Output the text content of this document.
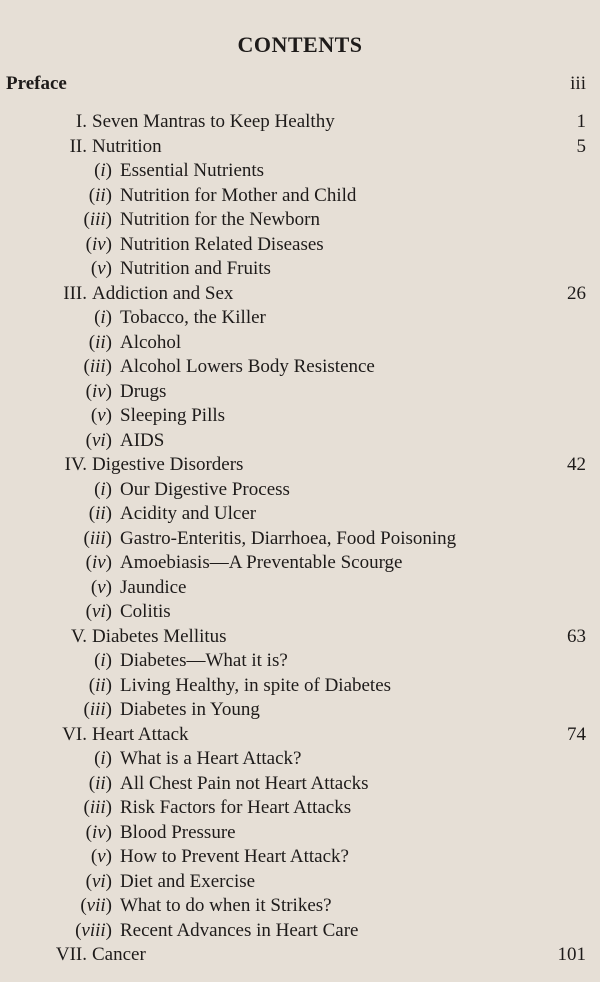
CONTENTS
Preface	iii
I. Seven Mantras to Keep Healthy	1
II. Nutrition	5
(i) Essential Nutrients
(ii) Nutrition for Mother and Child
(iii) Nutrition for the Newborn
(iv) Nutrition Related Diseases
(v) Nutrition and Fruits
III. Addiction and Sex	26
(i) Tobacco, the Killer
(ii) Alcohol
(iii) Alcohol Lowers Body Resistence
(iv) Drugs
(v) Sleeping Pills
(vi) AIDS
IV. Digestive Disorders	42
(i) Our Digestive Process
(ii) Acidity and Ulcer
(iii) Gastro-Enteritis, Diarrhoea, Food Poisoning
(iv) Amoebiasis—A Preventable Scourge
(v) Jaundice
(vi) Colitis
V. Diabetes Mellitus	63
(i) Diabetes—What it is?
(ii) Living Healthy, in spite of Diabetes
(iii) Diabetes in Young
VI. Heart Attack	74
(i) What is a Heart Attack?
(ii) All Chest Pain not Heart Attacks
(iii) Risk Factors for Heart Attacks
(iv) Blood Pressure
(v) How to Prevent Heart Attack?
(vi) Diet and Exercise
(vii) What to do when it Strikes?
(viii) Recent Advances in Heart Care
VII. Cancer	101
